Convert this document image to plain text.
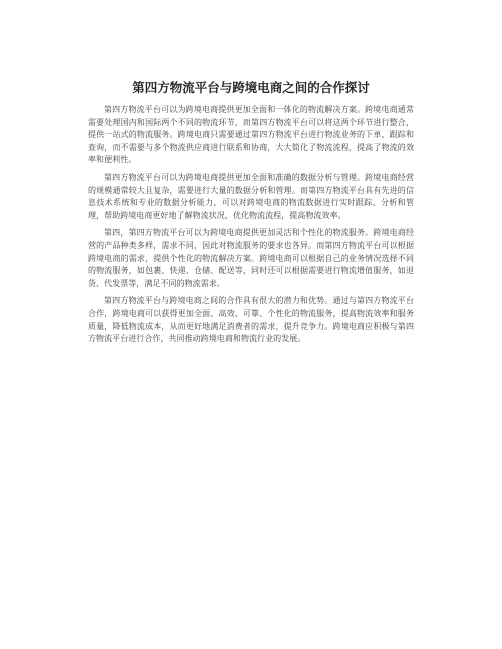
第四方物流平台与跨境电商之间的合作探讨

第四方物流平台可以为跨境电商提供更加全面和一体化的物流解决方案。跨境电商通常需要处理国内和国际两个不同的物流环节，而第四方物流平台可以将这两个环节进行整合，提供一站式的物流服务。跨境电商只需要通过第四方物流平台进行物流业务的下单、跟踪和查询，而不需要与多个物流供应商进行联系和协商，大大简化了物流流程，提高了物流的效率和便利性。

第四方物流平台可以为跨境电商提供更加全面和准确的数据分析与管理。跨境电商经营的规模通常较大且复杂，需要进行大量的数据分析和管理。而第四方物流平台具有先进的信息技术系统和专业的数据分析能力，可以对跨境电商的物流数据进行实时跟踪、分析和管理，帮助跨境电商更好地了解物流状况，优化物流流程，提高物流效率。

第四，第四方物流平台可以为跨境电商提供更加灵活和个性化的物流服务。跨境电商经营的产品种类多样，需求不同，因此对物流服务的要求也各异。而第四方物流平台可以根据跨境电商的需求，提供个性化的物流解决方案。跨境电商可以根据自己的业务情况选择不同的物流服务，如包裹、快递、仓储、配送等，同时还可以根据需要进行物流增值服务，如退货、代发票等，满足不同的物流需求。

第四方物流平台与跨境电商之间的合作具有很大的潜力和优势。通过与第四方物流平台合作，跨境电商可以获得更加全面、高效、可靠、个性化的物流服务，提高物流效率和服务质量，降低物流成本，从而更好地满足消费者的需求，提升竞争力。跨境电商应积极与第四方物流平台进行合作，共同推动跨境电商和物流行业的发展。
